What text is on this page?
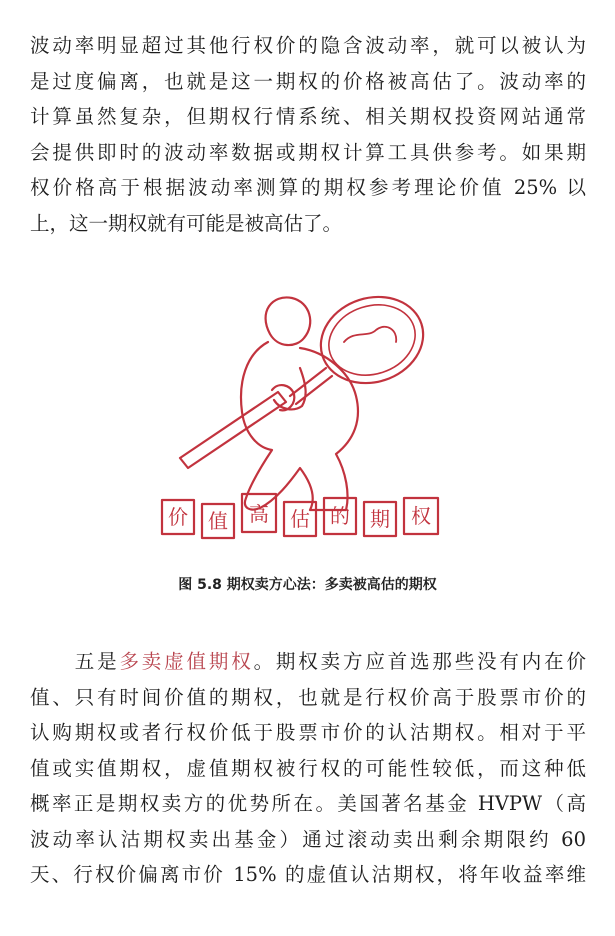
波动率明显超过其他行权价的隐含波动率，就可以被认为
是过度偏离，也就是这一期权的价格被高估了。波动率的
计算虽然复杂，但期权行情系统、相关期权投资网站通常
会提供即时的波动率数据或期权计算工具供参考。如果期
权价格高于根据波动率测算的期权参考理论价值 25% 以
上，这一期权就有可能是被高估了。
价 值 高 估 的 期 权
图 5.8 期权卖方心法：多卖被高估的期权
　　五是多卖虚值期权。期权卖方应首选那些没有内在价
值、只有时间价值的期权，也就是行权价高于股票市价的
认购期权或者行权价低于股票市价的认沽期权。相对于平
值或实值期权，虚值期权被行权的可能性较低，而这种低
概率正是期权卖方的优势所在。美国著名基金 HVPW（高
波动率认沽期权卖出基金）通过滚动卖出剩余期限约 60
天、行权价偏离市价 15% 的虚值认沽期权，将年收益率维
